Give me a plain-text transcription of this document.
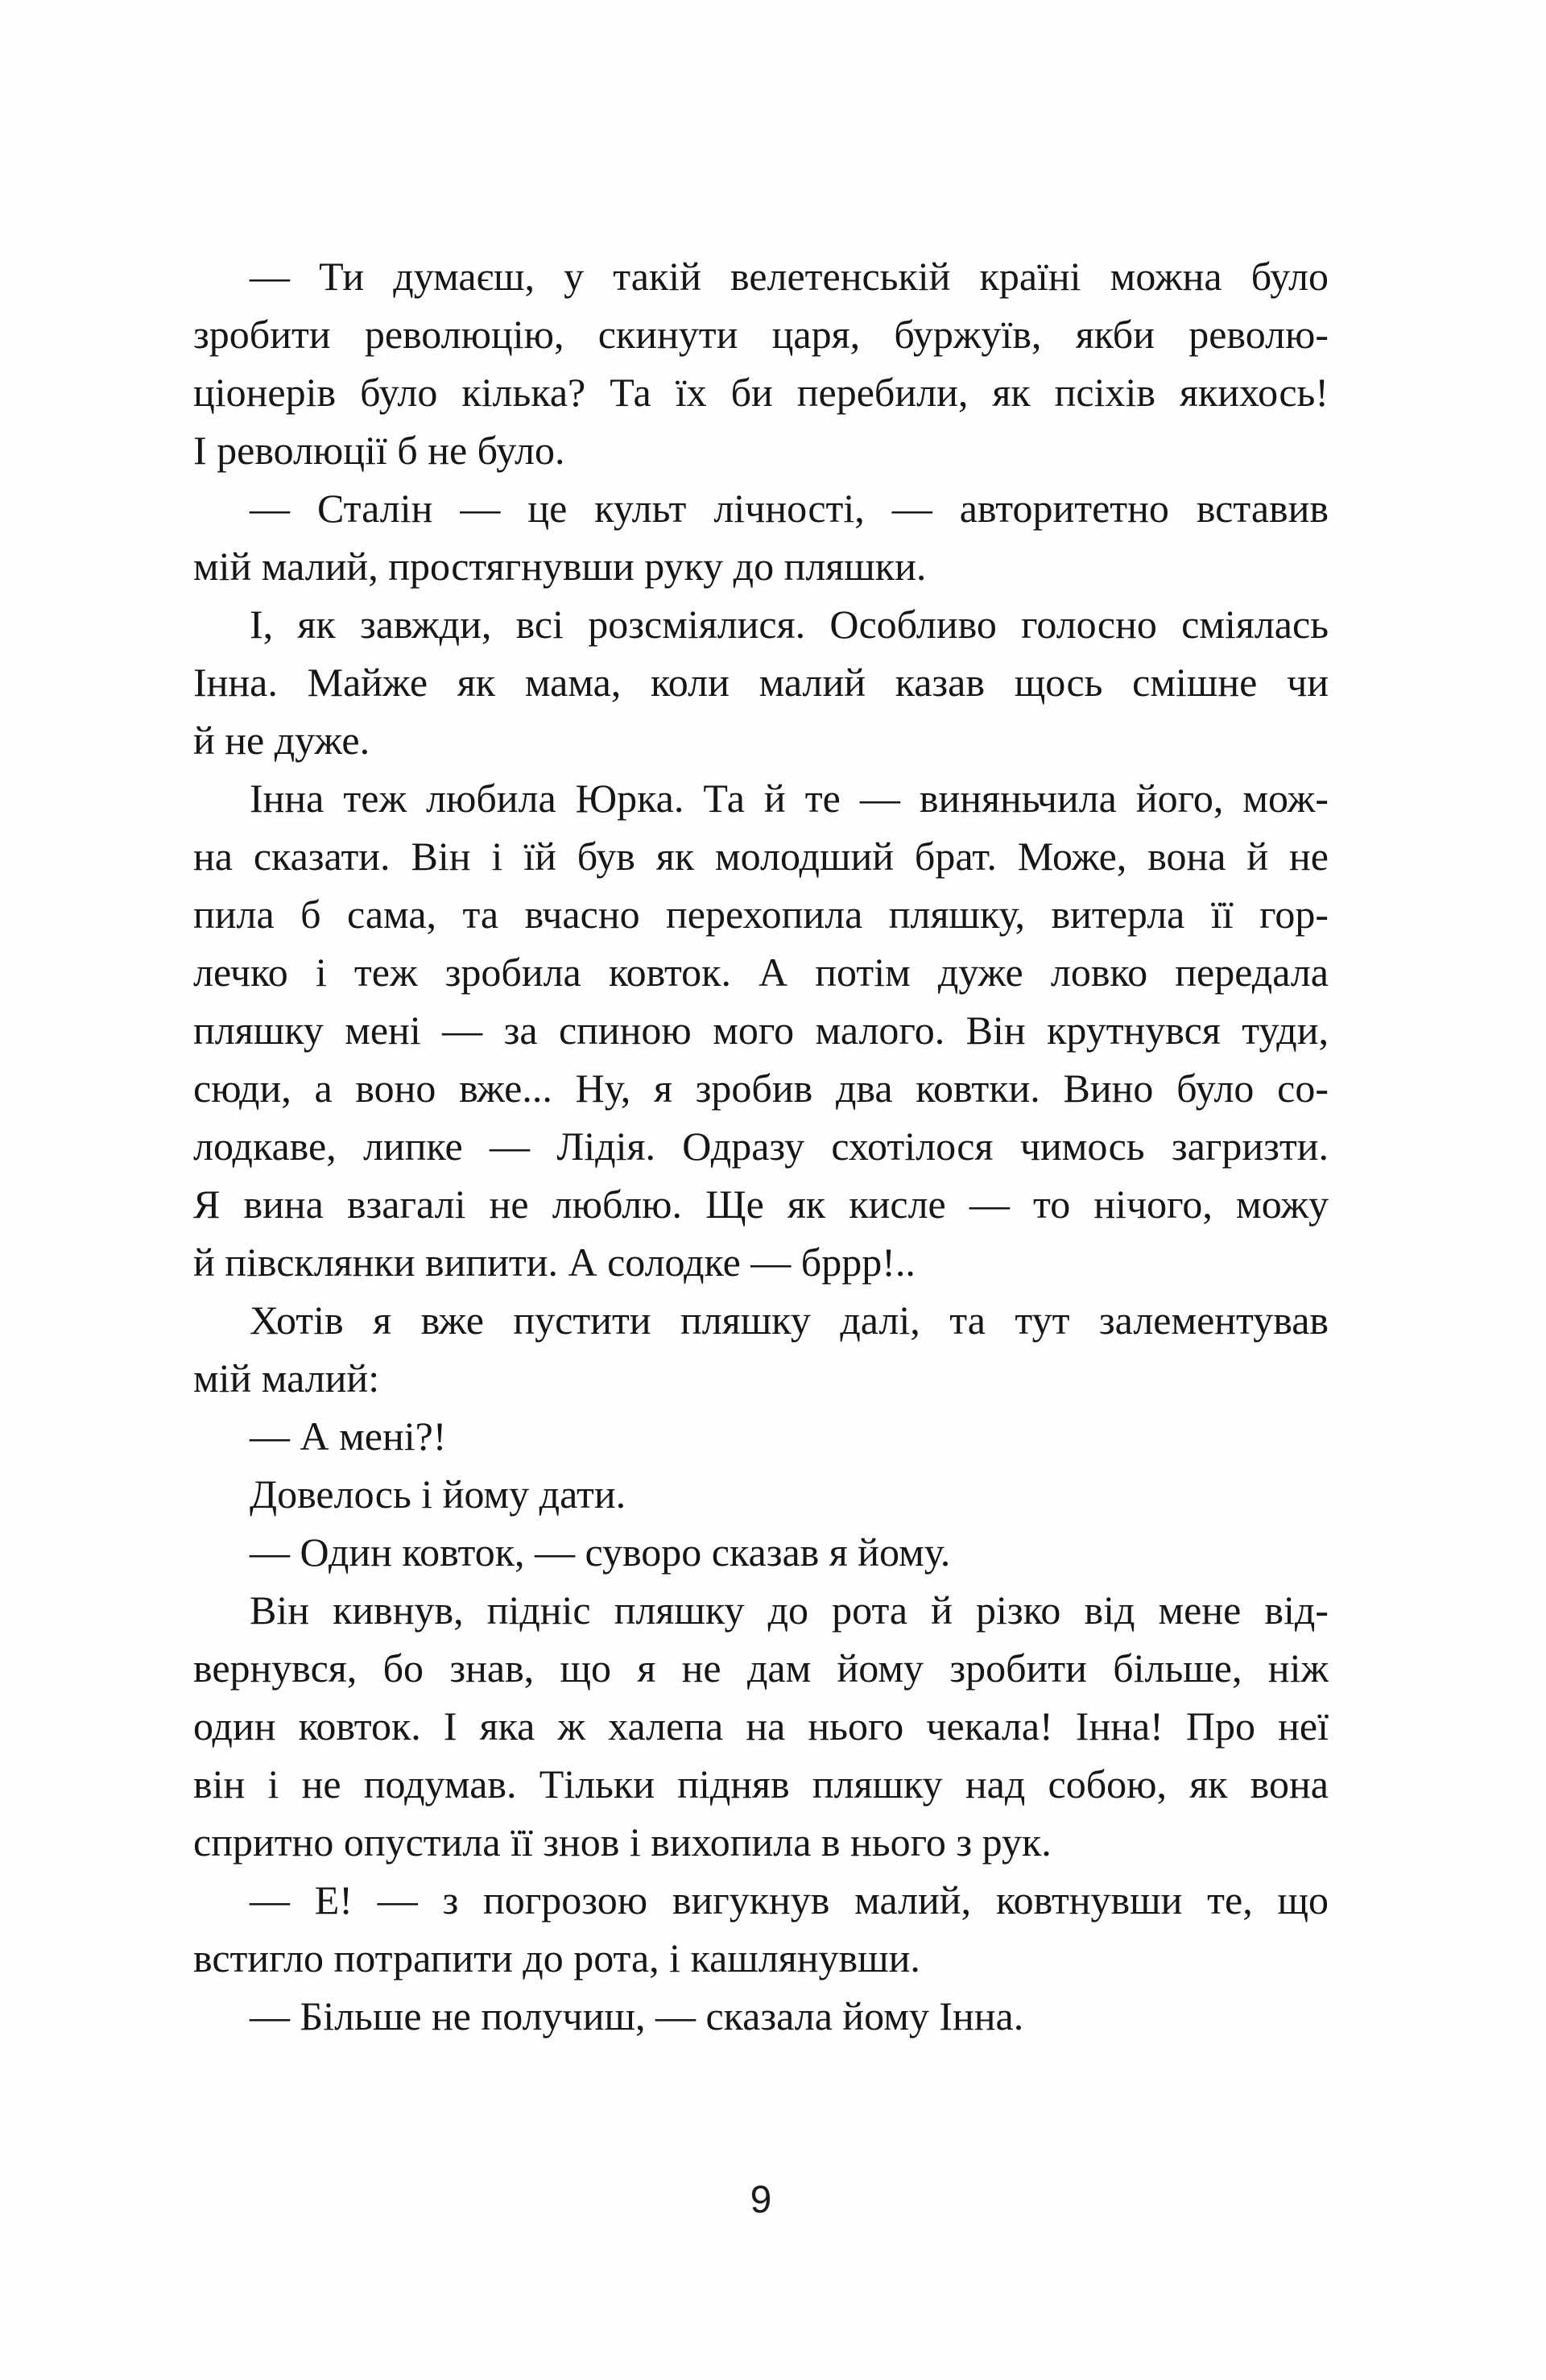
— Ти думаєш, у такій велетенській країні можна було
зробити революцію, скинути царя, буржуїв, якби револю-
ціонерів було кілька? Та їх би перебили, як псіхів якихось!
І революції б не було.
— Сталін — це культ лічності, — авторитетно вставив
мій малий, простягнувши руку до пляшки.
І, як завжди, всі розсміялися. Особливо голосно сміялась
Інна. Майже як мама, коли малий казав щось смішне чи
й не дуже.
Інна теж любила Юрка. Та й те — виняньчила його, мож-
на сказати. Він і їй був як молодший брат. Може, вона й не
пила б сама, та вчасно перехопила пляшку, витерла її гор-
лечко і теж зробила ковток. А потім дуже ловко передала
пляшку мені — за спиною мого малого. Він крутнувся туди,
сюди, а воно вже... Ну, я зробив два ковтки. Вино було со-
лодкаве, липке — Лідія. Одразу схотілося чимось загризти.
Я вина взагалі не люблю. Ще як кисле — то нічого, можу
й півсклянки випити. А солодке — бррр!..
Хотів я вже пустити пляшку далі, та тут залементував
мій малий:
— А мені?!
Довелось і йому дати.
— Один ковток, — суворо сказав я йому.
Він кивнув, підніс пляшку до рота й різко від мене від-
вернувся, бо знав, що я не дам йому зробити більше, ніж
один ковток. І яка ж халепа на нього чекала! Інна! Про неї
він і не подумав. Тільки підняв пляшку над собою, як вона
спритно опустила її знов і вихопила в нього з рук.
— Е! — з погрозою вигукнув малий, ковтнувши те, що
встигло потрапити до рота, і кашлянувши.
— Більше не получиш, — сказала йому Інна.
9
